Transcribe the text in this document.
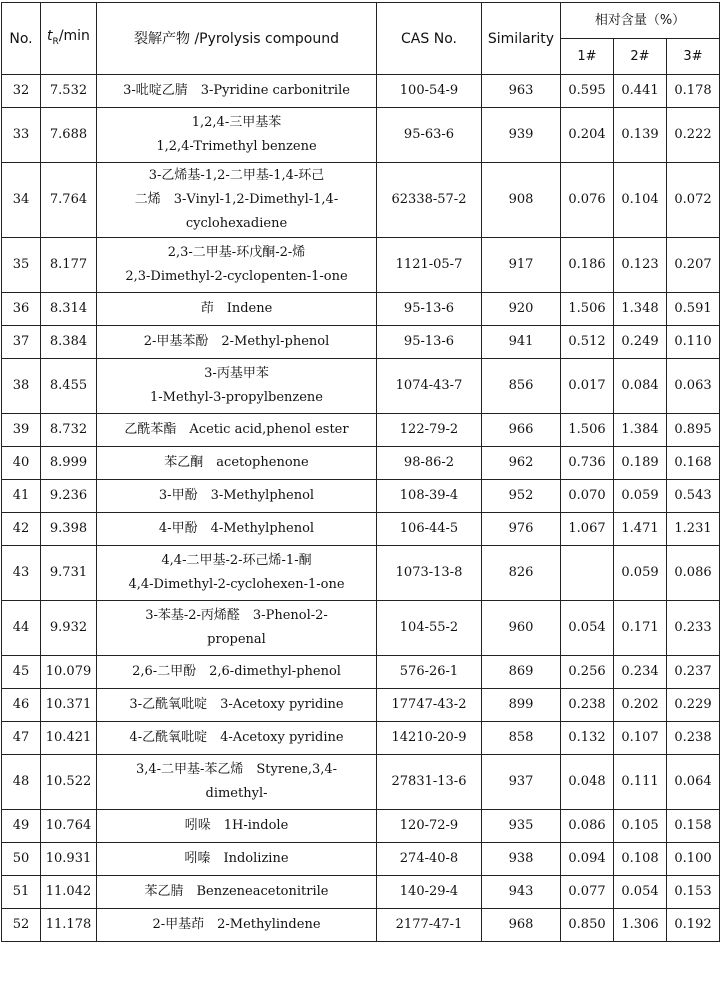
No.	$t_R/\min$	裂解产物 /Pyrolysis compound	CAS No.	Similarity	相对含量（%）		
					1#	2#	3#
32	7.532	3-吡啶乙腈　3-Pyridine carbonitrile	100-54-9	963	0.595	0.441	0.178
33	7.688	1,2,4-三甲基苯
1,2,4-Trimethyl benzene	95-63-6	939	0.204	0.139	0.222
34	7.764	3-乙烯基-1,2-二甲基-1,4-环己
二烯　3-Vinyl-1,2-Dimethyl-1,4-
cyclohexadiene	62338-57-2	908	0.076	0.104	0.072
35	8.177	2,3-二甲基-环戊酮-2-烯
2,3-Dimethyl-2-cyclopenten-1-one	1121-05-7	917	0.186	0.123	0.207
36	8.314	茚　Indene	95-13-6	920	1.506	1.348	0.591
37	8.384	2-甲基苯酚　2-Methyl-phenol	95-13-6	941	0.512	0.249	0.110
38	8.455	3-丙基甲苯
1-Methyl-3-propylbenzene	1074-43-7	856	0.017	0.084	0.063
39	8.732	乙酰苯酯　Acetic acid,phenol ester	122-79-2	966	1.506	1.384	0.895
40	8.999	苯乙酮　acetophenone	98-86-2	962	0.736	0.189	0.168
41	9.236	3-甲酚　3-Methylphenol	108-39-4	952	0.070	0.059	0.543
42	9.398	4-甲酚　4-Methylphenol	106-44-5	976	1.067	1.471	1.231
43	9.731	4,4-二甲基-2-环己烯-1-酮
4,4-Dimethyl-2-cyclohexen-1-one	1073-13-8	826		0.059	0.086
44	9.932	3-苯基-2-丙烯醛　3-Phenol-2-
propenal	104-55-2	960	0.054	0.171	0.233
45	10.079	2,6-二甲酚　2,6-dimethyl-phenol	576-26-1	869	0.256	0.234	0.237
46	10.371	3-乙酰氧吡啶　3-Acetoxy pyridine	17747-43-2	899	0.238	0.202	0.229
47	10.421	4-乙酰氧吡啶　4-Acetoxy pyridine	14210-20-9	858	0.132	0.107	0.238
48	10.522	3,4-二甲基-苯乙烯　Styrene,3,4-
dimethyl-	27831-13-6	937	0.048	0.111	0.064
49	10.764	吲哚　1H-indole	120-72-9	935	0.086	0.105	0.158
50	10.931	吲嗪　Indolizine	274-40-8	938	0.094	0.108	0.100
51	11.042	苯乙腈　Benzeneacetonitrile	140-29-4	943	0.077	0.054	0.153
52	11.178	2-甲基茚　2-Methylindene	2177-47-1	968	0.850	1.306	0.192
